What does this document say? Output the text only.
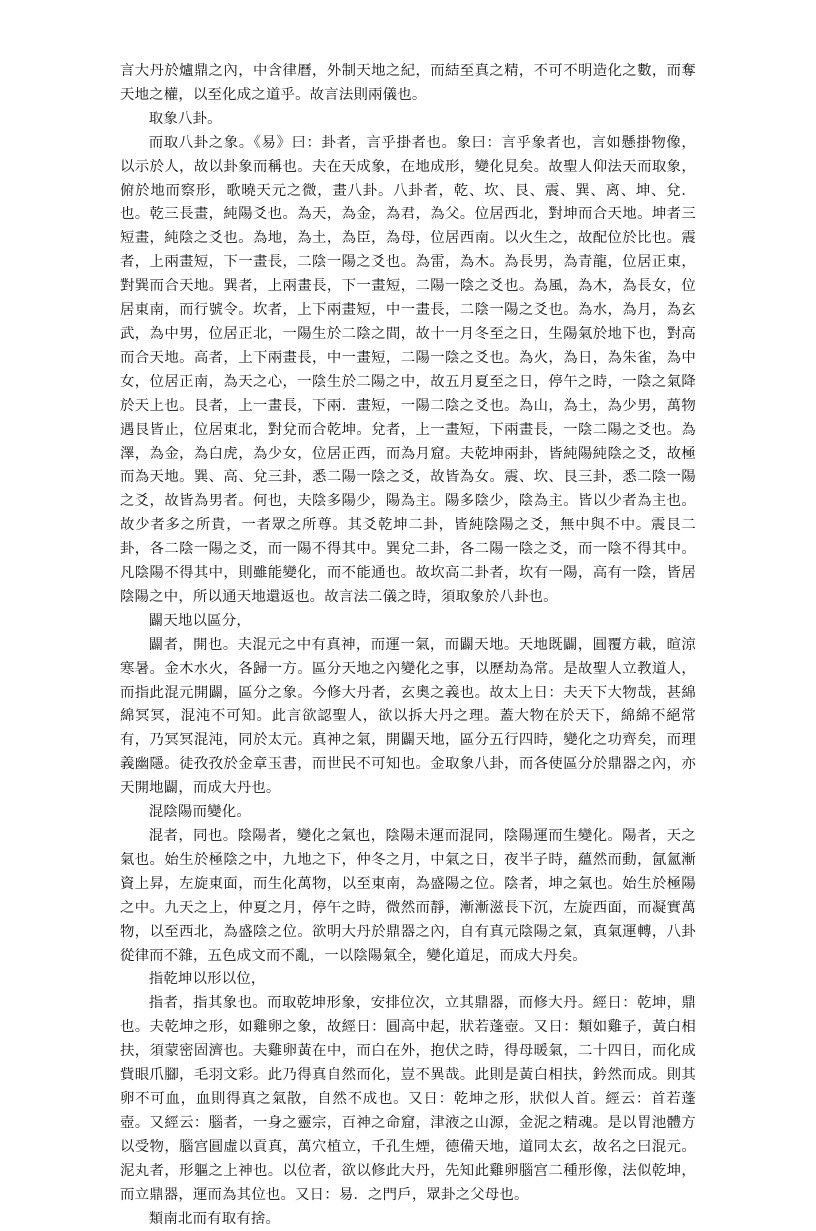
言大丹於爐鼎之內，中含律曆，外制天地之紀，而結至真之精，不可不明造化之數，而奪天地之權，以至化成之道乎。故言法則兩儀也。

取象八卦。

而取八卦之象。《易》曰：卦者，言乎掛者也。象曰：言乎象者也，言如懸掛物像，以示於人，故以卦象而稱也。夫在天成象，在地成形，變化見矣。故聖人仰法天而取象，俯於地而察形，歌曉天元之微，畫八卦。八卦者，乾、坎、艮、震、巽、离、坤、兌．也。乾三長畫，純陽爻也。為天，為金，為君，為父。位居西北，對坤而合天地。坤者三短畫，純陰之爻也。為地，為土，為臣，為母，位居西南。以火生之，故配位於比也。震者，上兩畫短，下一畫長，二陰一陽之爻也。為雷，為木。為長男，為青龍，位居正東，對巽而合天地。巽者，上兩畫長，下一畫短，二陽一陰之爻也。為風，為木，為長女，位居東南，而行號令。坎者，上下兩畫短，中一畫長，二陰一陽之爻也。為水，為月，為玄武，為中男，位居正北，一陽生於二陰之間，故十一月冬至之日，生陽氣於地下也，對高而合天地。高者，上下兩畫長，中一畫短，二陽一陰之爻也。為火，為日，為朱雀，為中女，位居正南，為天之心，一陰生於二陽之中，故五月夏至之日，停午之時，一陰之氣降於天上也。艮者，上一畫長，下兩．畫短，一陽二陰之爻也。為山，為土，為少男，萬物遇艮皆止，位居東北，對兌而合乾坤。兌者，上一畫短，下兩畫長，一陰二陽之爻也。為澤，為金，為白虎，為少女，位居正西，而為月窟。夫乾坤兩卦，皆純陽純陰之爻，故極而為天地。巽、高、兌三卦，悉二陽一陰之爻，故皆為女。震、坎、艮三卦，悉二陰一陽之爻，故皆為男者。何也，夫陰多陽少，陽為主。陽多陰少，陰為主。皆以少者為主也。故少者多之所貴，一者眾之所尊。其爻乾坤二卦，皆純陰陽之爻，無中與不中。震艮二卦，各二陰一陽之爻，而一陽不得其中。巽兌二卦，各二陽一陰之爻，而一陰不得其中。凡陰陽不得其中，則雖能變化，而不能通也。故坎高二卦者，坎有一陽，高有一陰，皆居陰陽之中，所以通天地還返也。故言法二儀之時，須取象於八卦也。

闢天地以區分，

闢者，開也。夫混元之中有真神，而運一氣，而闢天地。天地既闢，圓覆方載，暄涼寒暑。金木水火，各歸一方。區分天地之內變化之事，以歷劫為常。是故聖人立教道人，而指此混元開闢，區分之象。今修大丹者，玄奧之義也。故太上日：夫天下大物哉，甚綿綿冥冥，混沌不可知。此言欲認聖人，欲以拆大丹之理。蓋大物在於天下，綿綿不絕常有，乃冥冥混沌，同於太元。真神之氣，開闢天地，區分五行四時，變化之功齊矣，而理義幽隱。徒孜孜於金章玉書，而世民不可知也。金取象八卦，而各使區分於鼎器之內，亦天開地闢，而成大丹也。

混陰陽而變化。

混者，同也。陰陽者，變化之氣也，陰陽未運而混同，陰陽運而生變化。陽者，天之氣也。始生於極陰之中，九地之下，仲冬之月，中氣之日，夜半子時，蘊然而動，氤氳漸資上昇，左旋東面，而生化萬物，以至東南，為盛陽之位。陰者，坤之氣也。始生於極陽之中。九天之上，仲夏之月，停午之時，微然而靜，漸漸滋長下沉，左旋西面，而凝實萬物，以至西北，為盛陰之位。欲明大丹於鼎器之內，自有真元陰陽之氣，真氣運轉，八卦從律而不雜，五色成文而不亂，一以陰陽氣全，變化道足，而成大丹矣。

指乾坤以形以位，

指者，指其象也。而取乾坤形象，安排位次，立其鼎器，而修大丹。經日：乾坤，鼎也。夫乾坤之形，如雞卵之象，故經日：圓高中起，狀若蓬壺。又日：類如雞子，黃白相扶，須蒙密固濟也。夫雞卵黃在中，而白在外，抱伏之時，得母暖氣，二十四日，而化成貲眼爪腳，毛羽文彩。此乃得真自然而化，豈不異哉。此則是黃白相扶，鈐然而成。則其卵不可血，血則得真之氣散，自然不成也。又日：乾坤之形，狀似人首。經云：首若蓬壺。又經云：腦者，一身之靈宗，百神之命窟，津液之山源，金泥之精魂。是以胃池體方以受物，腦宫圓虛以貢真，萬穴植立，千孔生煙，德備天地，道同太玄，故名之曰混元。泥丸者，形軀之上神也。以位者，欲以修此大丹，先知此雞卵腦宫二種形像，法似乾坤，而立鼎器，運而為其位也。又日：易．之門戶，眾卦之父母也。

類南北而有取有捨。
